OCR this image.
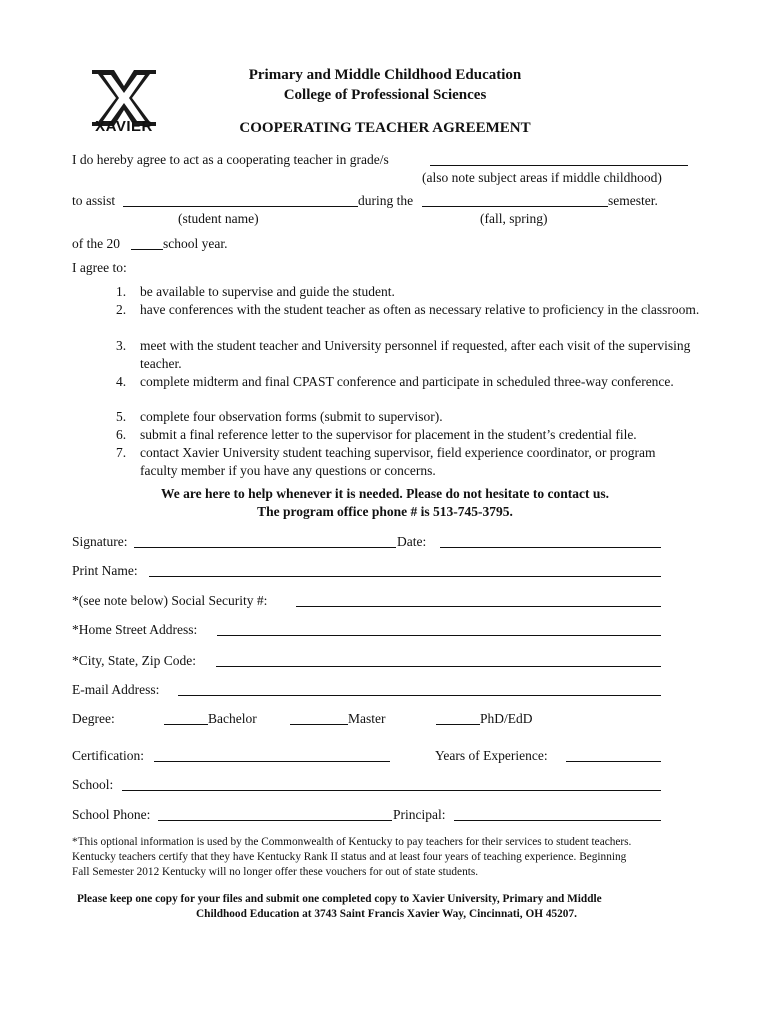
XAVIER
Primary and Middle Childhood Education
College of Professional Sciences
COOPERATING TEACHER AGREEMENT
I do hereby agree to act as a cooperating teacher in grade/s
(also note subject areas if middle childhood)
to assist	during the	semester.
(student name)	(fall, spring)
of the 20	school year.
I agree to:
1. be available to supervise and guide the student.
2. have conferences with the student teacher as often as necessary relative to proficiency in the classroom.
3. meet with the student teacher and University personnel if requested, after each visit of the supervising teacher.
4. complete midterm and final CPAST conference and participate in scheduled three-way conference.
5. complete four observation forms (submit to supervisor).
6. submit a final reference letter to the supervisor for placement in the student’s credential file.
7. contact Xavier University student teaching supervisor, field experience coordinator, or program faculty member if you have any questions or concerns.
We are here to help whenever it is needed. Please do not hesitate to contact us.
The program office phone # is 513-745-3795.
Signature:	Date:
Print Name:
*(see note below) Social Security #:
*Home Street Address:
*City, State, Zip Code:
E-mail Address:
Degree:	Bachelor	Master	PhD/EdD
Certification:	Years of Experience:
School:
School Phone:	Principal:
*This optional information is used by the Commonwealth of Kentucky to pay teachers for their services to student teachers.
Kentucky teachers certify that they have Kentucky Rank II status and at least four years of teaching experience. Beginning
Fall Semester 2012 Kentucky will no longer offer these vouchers for out of state students.
Please keep one copy for your files and submit one completed copy to Xavier University, Primary and Middle
Childhood Education at 3743 Saint Francis Xavier Way, Cincinnati, OH 45207.
